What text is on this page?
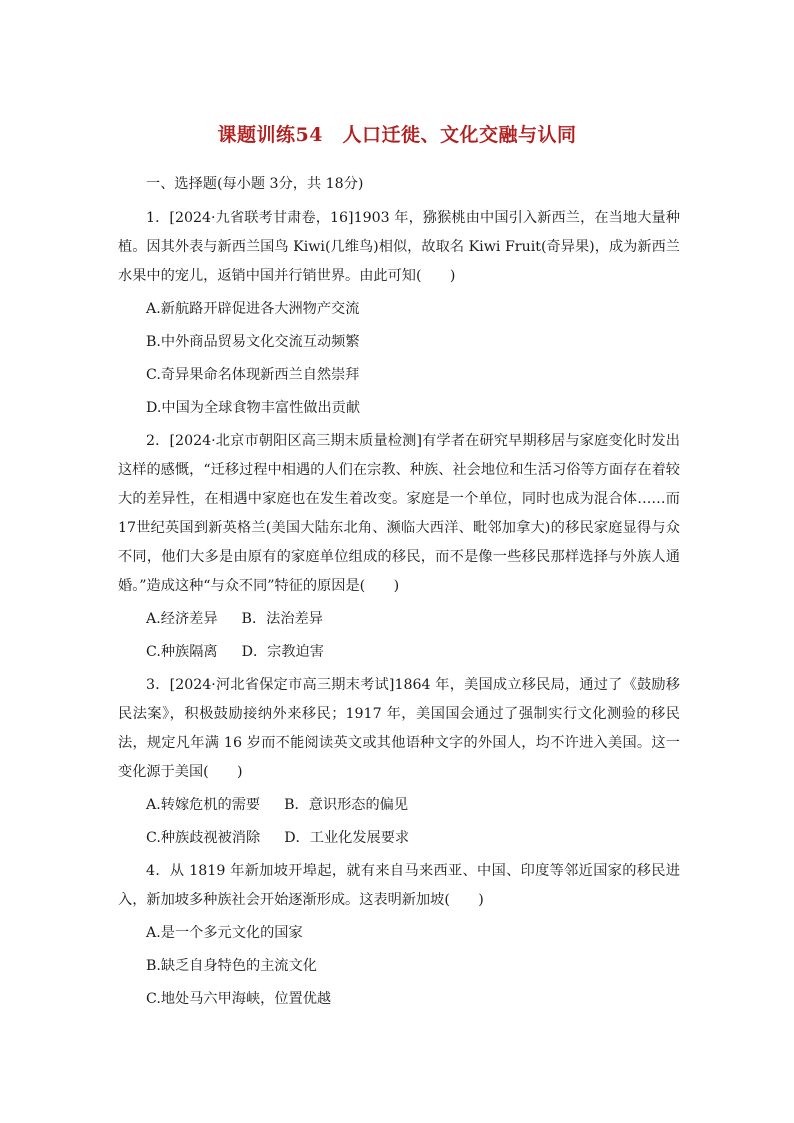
课题训练54　人口迁徙、文化交融与认同

一、选择题(每小题 3分，共 18分)

1．[2024·九省联考甘肃卷，16]1903 年，猕猴桃由中国引入新西兰，在当地大量种植。因其外表与新西兰国鸟 Kiwi(几维鸟)相似，故取名 Kiwi Fruit(奇异果)，成为新西兰水果中的宠儿，返销中国并行销世界。由此可知(　　)

A.新航路开辟促进各大洲物产交流

B.中外商品贸易文化交流互动频繁

C.奇异果命名体现新西兰自然崇拜

D.中国为全球食物丰富性做出贡献

2．[2024·北京市朝阳区高三期末质量检测]有学者在研究早期移居与家庭变化时发出这样的感慨，“迁移过程中相遇的人们在宗教、种族、社会地位和生活习俗等方面存在着较大的差异性，在相遇中家庭也在发生着改变。家庭是一个单位，同时也成为混合体……而 17世纪英国到新英格兰(美国大陆东北角、濒临大西洋、毗邻加拿大)的移民家庭显得与众不同，他们大多是由原有的家庭单位组成的移民，而不是像一些移民那样选择与外族人通婚。”造成这种“与众不同”特征的原因是(　　)

A.经济差异 B．法治差异

C.种族隔离 D．宗教迫害

3．[2024·河北省保定市高三期末考试]1864 年，美国成立移民局，通过了《鼓励移民法案》，积极鼓励接纳外来移民；1917 年，美国国会通过了强制实行文化测验的移民法，规定凡年满 16 岁而不能阅读英文或其他语种文字的外国人，均不许进入美国。这一变化源于美国(　　)

A.转嫁危机的需要 B．意识形态的偏见

C.种族歧视被消除 D．工业化发展要求

4．从 1819 年新加坡开埠起，就有来自马来西亚、中国、印度等邻近国家的移民进入，新加坡多种族社会开始逐渐形成。这表明新加坡(　　)

A.是一个多元文化的国家

B.缺乏自身特色的主流文化

C.地处马六甲海峡，位置优越
